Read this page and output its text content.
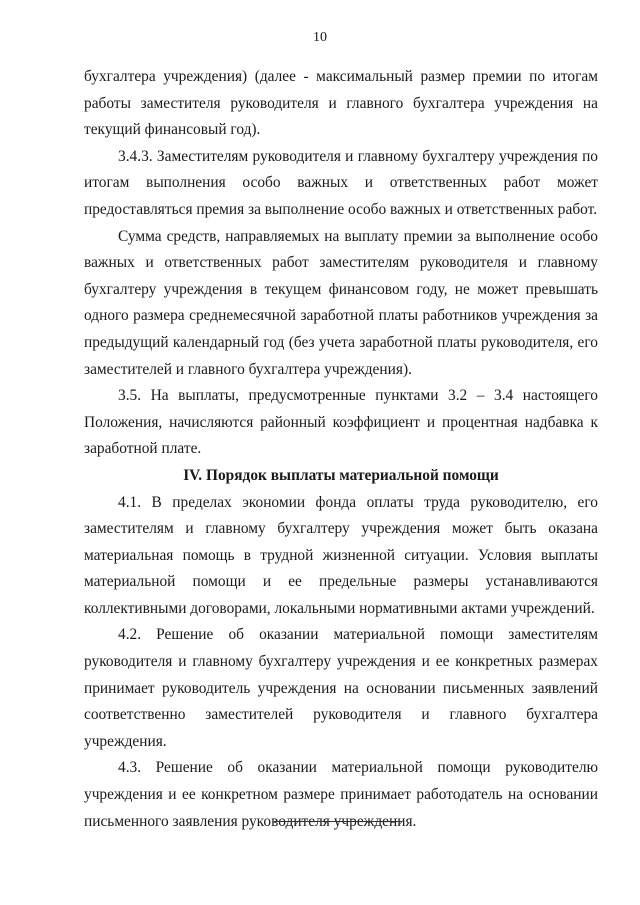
10

бухгалтера учреждения) (далее - максимальный размер премии по итогам работы заместителя руководителя и главного бухгалтера учреждения на текущий финансовый год).

3.4.3. Заместителям руководителя и главному бухгалтеру учреждения по итогам выполнения особо важных и ответственных работ может предоставляться премия за выполнение особо важных и ответственных работ.

Сумма средств, направляемых на выплату премии за выполнение особо важных и ответственных работ заместителям руководителя и главному бухгалтеру учреждения в текущем финансовом году, не может превышать одного размера среднемесячной заработной платы работников учреждения за предыдущий календарный год (без учета заработной платы руководителя, его заместителей и главного бухгалтера учреждения).

3.5. На выплаты, предусмотренные пунктами 3.2 – 3.4 настоящего Положения, начисляются районный коэффициент и процентная надбавка к заработной плате.

IV. Порядок выплаты материальной помощи

4.1. В пределах экономии фонда оплаты труда руководителю, его заместителям и главному бухгалтеру учреждения может быть оказана материальная помощь в трудной жизненной ситуации. Условия выплаты материальной помощи и ее предельные размеры устанавливаются коллективными договорами, локальными нормативными актами учреждений.

4.2. Решение об оказании материальной помощи заместителям руководителя и главному бухгалтеру учреждения и ее конкретных размерах принимает руководитель учреждения на основании письменных заявлений соответственно заместителей руководителя и главного бухгалтера учреждения.

4.3. Решение об оказании материальной помощи руководителю учреждения и ее конкретном размере принимает работодатель на основании письменного заявления руководителя учреждения.
